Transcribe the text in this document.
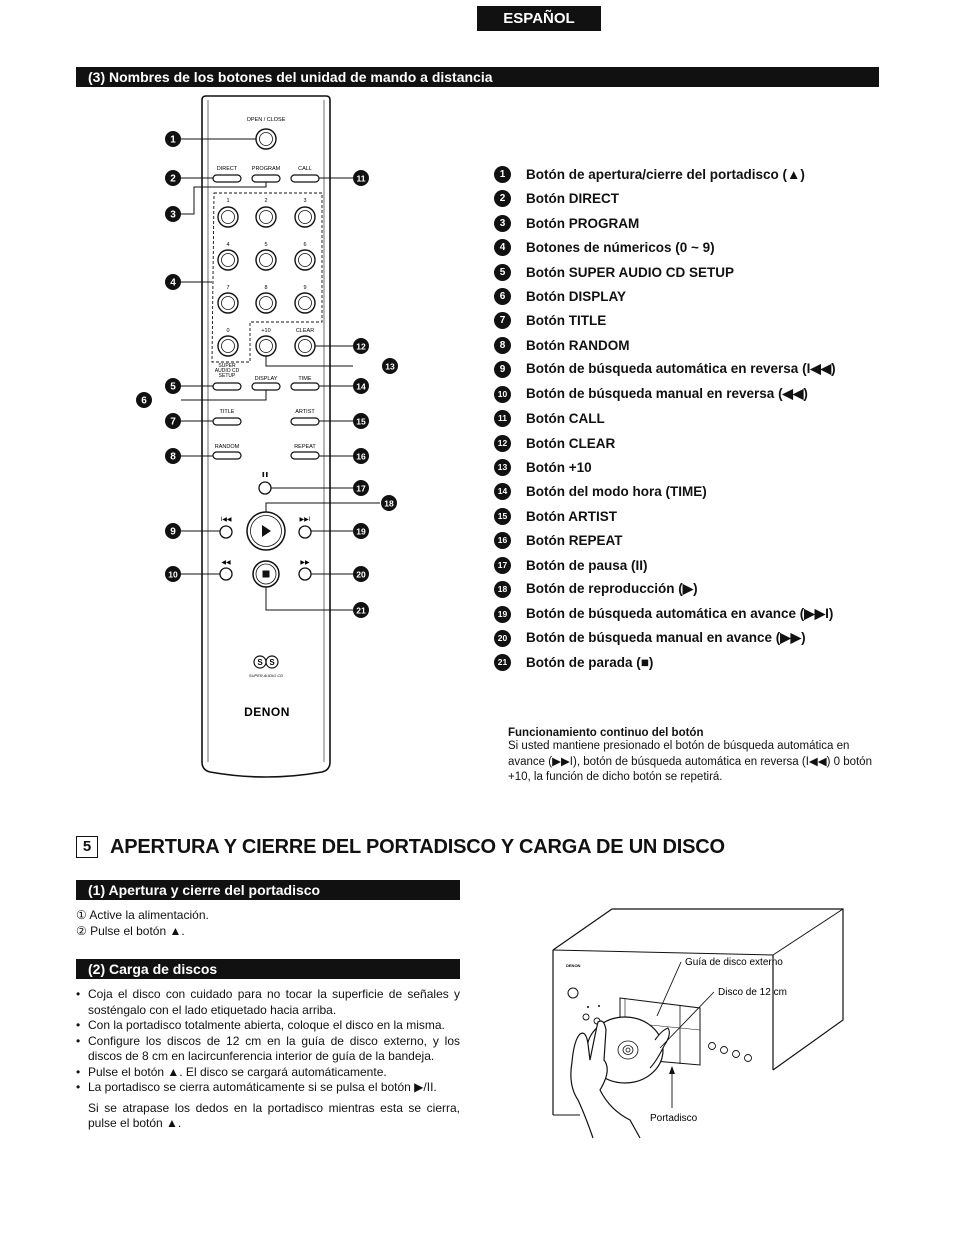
ESPAÑOL
(3) Nombres de los botones del unidad de mando a distancia
OPEN / CLOSE
DIRECT	PROGRAM	CALL
1	2	3
4	5	6
7	8	9
0	+10	CLEAR
SUPER AUDIO CD SETUP	DISPLAY	TIME
TITLE	ARTIST
RANDOM	REPEAT
I◀◀	▶▶I
◀◀	▶▶
S S
SUPER AUDIO CD
DENON
1
2
3
4
5
6
7
8
9
10
11
12
13
14
15
16
17
18
19
20
21
1	Botón de apertura/cierre del portadisco (▲)
2	Botón DIRECT
3	Botón PROGRAM
4	Botones de númericos (0 ~ 9)
5	Botón SUPER AUDIO CD SETUP
6	Botón DISPLAY
7	Botón TITLE
8	Botón RANDOM
9	Botón de búsqueda automática en reversa (I◀◀)
10 Botón de búsqueda manual en reversa (◀◀)
11 Botón CALL
12 Botón CLEAR
13 Botón +10
14 Botón del modo hora (TIME)
15 Botón ARTIST
16 Botón REPEAT
17 Botón de pausa (II)
18 Botón de reproducción (▶)
19 Botón de búsqueda automática en avance (▶▶I)
20 Botón de búsqueda manual en avance (▶▶)
21 Botón de parada (■)
Funcionamiento continuo del botón
Si usted mantiene presionado el botón de búsqueda automática en avance (▶▶I), botón de búsqueda automática en reversa (I◀◀) 0 botón +10, la función de dicho botón se repetirá.
5 APERTURA Y CIERRE DEL PORTADISCO Y CARGA DE UN DISCO
(1) Apertura y cierre del portadisco
① Active la alimentación.
② Pulse el botón ▲.
(2) Carga de discos
• Coja el disco con cuidado para no tocar la superficie de señales y sosténgalo con el lado etiquetado hacia arriba.
• Con la portadisco totalmente abierta, coloque el disco en la misma.
• Configure los discos de 12 cm en la guía de disco externo, y los discos de 8 cm en lacircunferencia interior de guía de la bandeja.
• Pulse el botón ▲. El disco se cargará automáticamente.
• La portadisco se cierra automáticamente si se pulsa el botón ▶/II.
Si se atrapase los dedos en la portadisco mientras esta se cierra, pulse el botón ▲.
DENON	Guía de disco externo
Disco de 12 cm
Portadisco
